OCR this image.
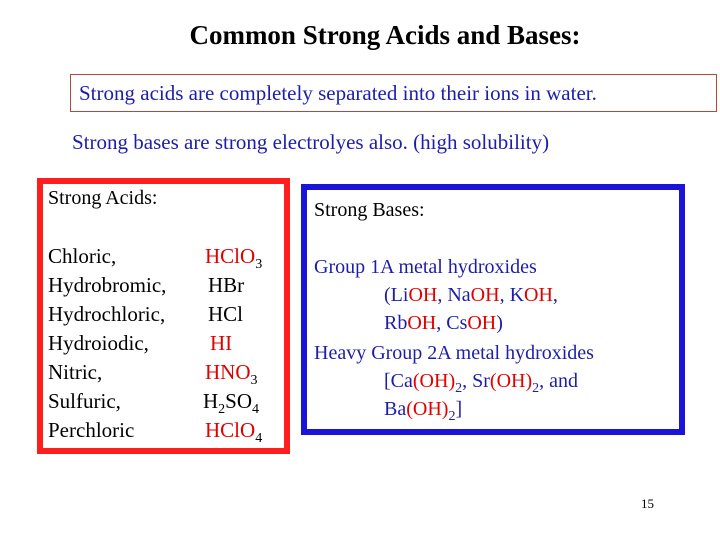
Common Strong Acids and Bases:
Strong acids are completely separated into their ions in water.
Strong bases are strong electrolyes also. (high solubility)
Strong Acids:
Chloric,	HClO$_3$
Hydrobromic, HBr
Hydrochloric, HCl
Hydroiodic,	HI
Nitric,	$HNO_3$
Sulfuric,	$H_2SO_4$
Perchloric	HClO$_4$
Strong Bases:
Group 1A metal hydroxides
(LiOH, NaOH, KOH,
RbOH, CsOH)
Heavy Group 2A metal hydroxides
[$Ca(OH)_2$, $Sr(OH)_2$, and
$Ba(OH)_2$]
15
